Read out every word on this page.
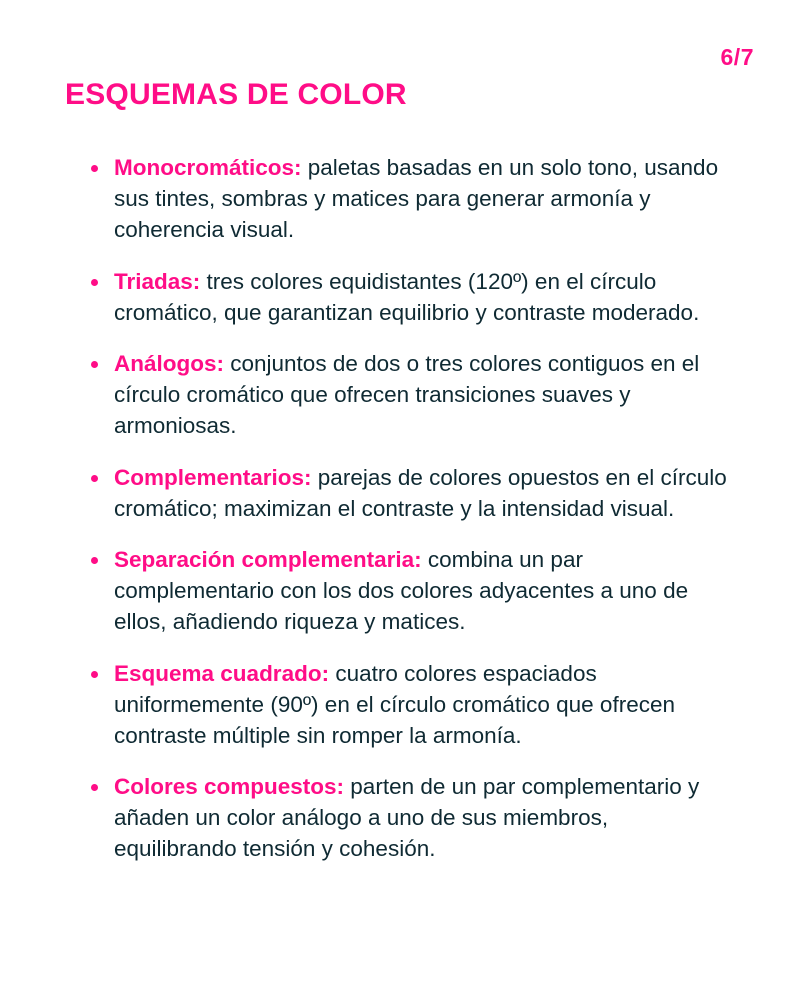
6/7
ESQUEMAS DE COLOR
Monocromáticos: paletas basadas en un solo tono, usando sus tintes, sombras y matices para generar armonía y coherencia visual.
Triadas: tres colores equidistantes (120º) en el círculo cromático, que garantizan equilibrio y contraste moderado.
Análogos: conjuntos de dos o tres colores contiguos en el círculo cromático que ofrecen transiciones suaves y armoniosas.
Complementarios: parejas de colores opuestos en el círculo cromático; maximizan el contraste y la intensidad visual.
Separación complementaria: combina un par complementario con los dos colores adyacentes a uno de ellos, añadiendo riqueza y matices.
Esquema cuadrado: cuatro colores espaciados uniformemente (90º) en el círculo cromático que ofrecen contraste múltiple sin romper la armonía.
Colores compuestos: parten de un par complementario y añaden un color análogo a uno de sus miembros, equilibrando tensión y cohesión.
